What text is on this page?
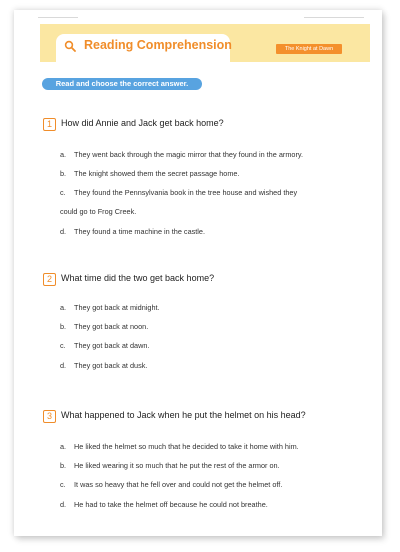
Reading Comprehension	The Knight at Dawn
Read and choose the correct answer.
1	How did Annie and Jack get back home?
a. They went back through the magic mirror that they found in the armory.
b. The knight showed them the secret passage home.
c. They found the Pennsylvania book in the tree house and wished they
could go to Frog Creek.
d. They found a time machine in the castle.
2	What time did the two get back home?
a. They got back at midnight.
b. They got back at noon.
c. They got back at dawn.
d. They got back at dusk.
3	What happened to Jack when he put the helmet on his head?
a. He liked the helmet so much that he decided to take it home with him.
b. He liked wearing it so much that he put the rest of the armor on.
c. It was so heavy that he fell over and could not get the helmet off.
d. He had to take the helmet off because he could not breathe.
